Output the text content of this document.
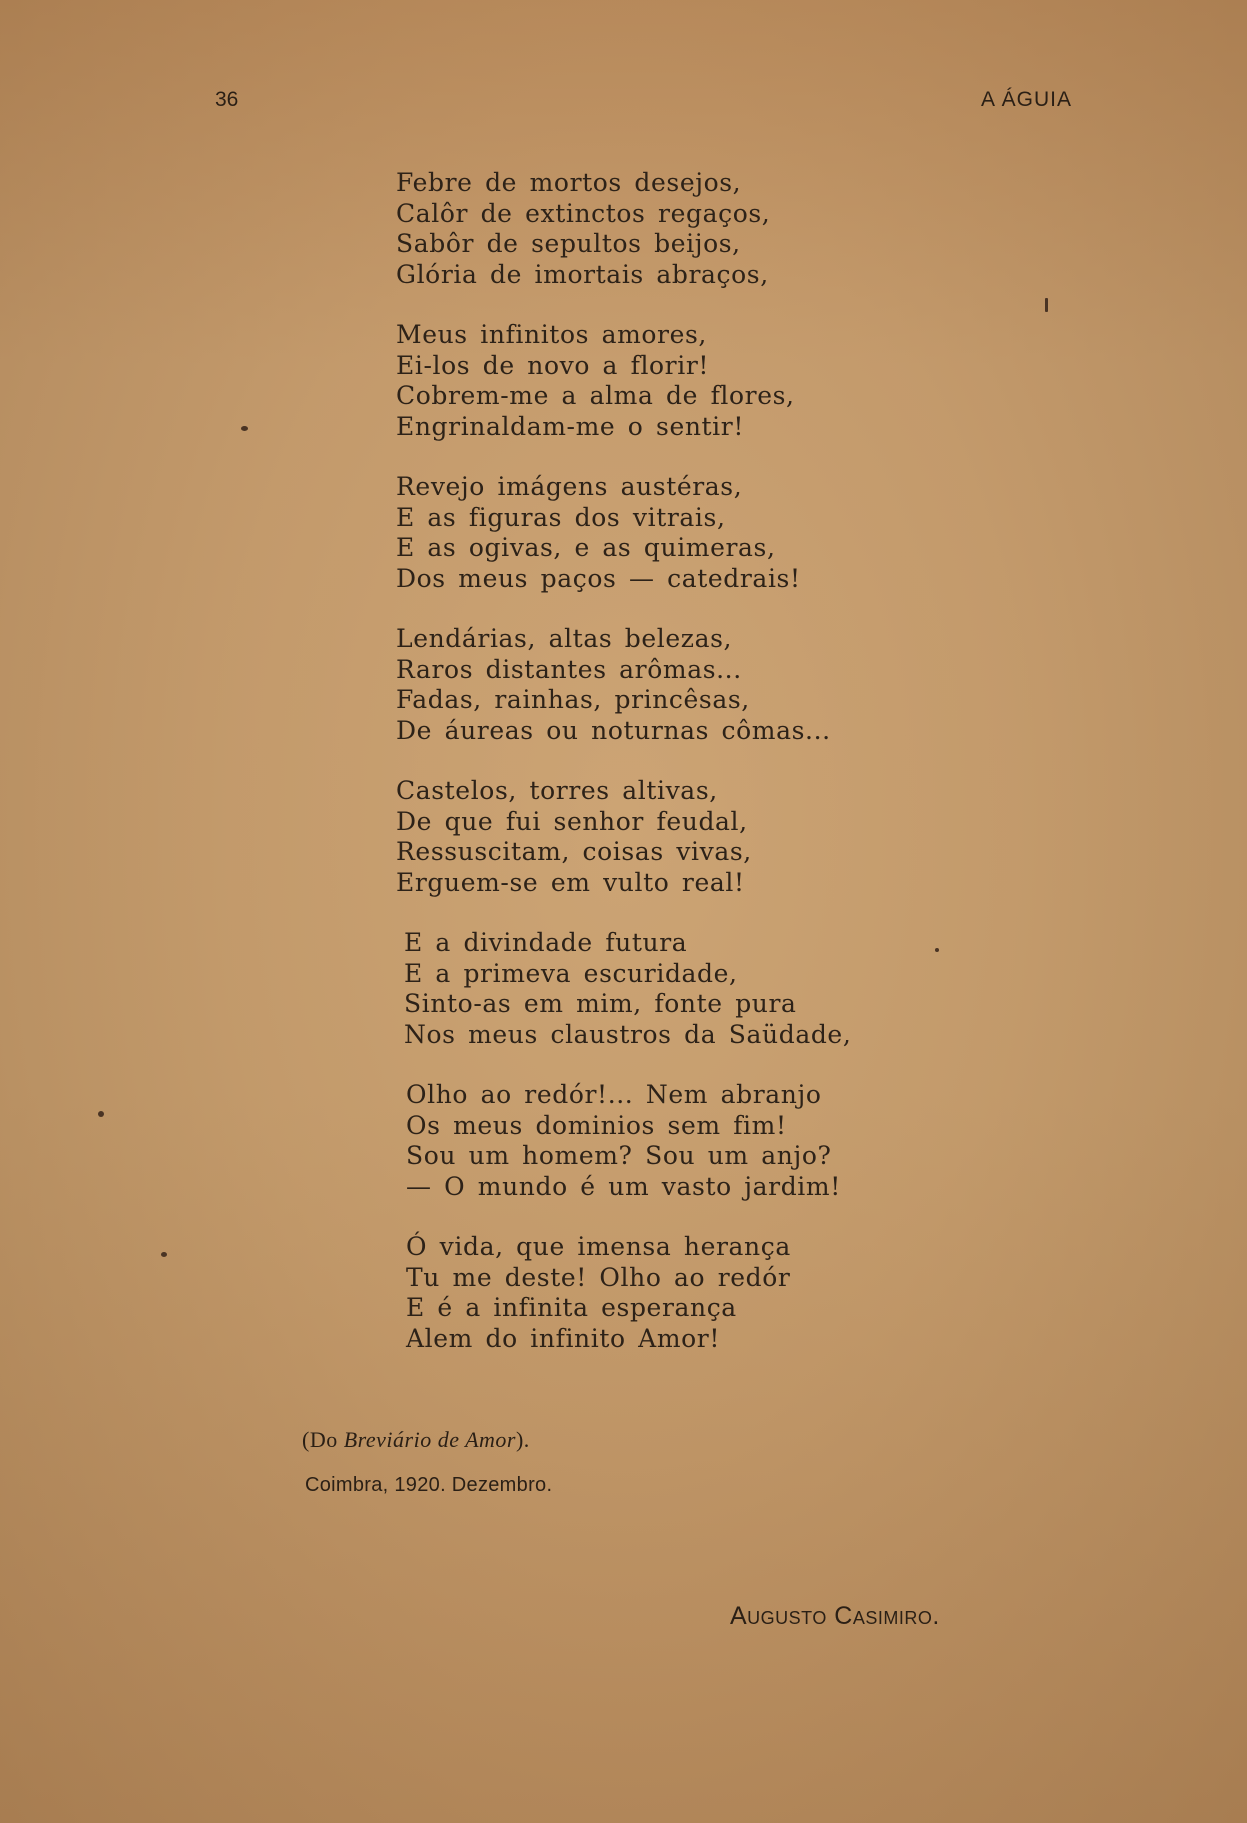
36	A ÁGUIA
Febre de mortos desejos,
Calôr de extinctos regaços,
Sabôr de sepultos beijos,
Glória de imortais abraços,
Meus infinitos amores,
Ei-los de novo a florir!
Cobrem-me a alma de flores,
Engrinaldam-me o sentir!
Revejo imágens austéras,
E as figuras dos vitrais,
E as ogivas, e as quimeras,
Dos meus paços — catedrais!
Lendárias, altas belezas,
Raros distantes arômas...
Fadas, rainhas, princêsas,
De áureas ou noturnas cômas...
Castelos, torres altivas,
De que fui senhor feudal,
Ressuscitam, coisas vivas,
Erguem-se em vulto real!
E a divindade futura
E a primeva escuridade,
Sinto-as em mim, fonte pura
Nos meus claustros da Saüdade,
Olho ao redór!... Nem abranjo
Os meus dominios sem fim!
Sou um homem? Sou um anjo?
— O mundo é um vasto jardim!
Ó vida, que imensa herança
Tu me deste! Olho ao redór
E é a infinita esperança
Alem do infinito Amor!
(Do Breviário de Amor).
Coimbra, 1920. Dezembro.
Augusto Casimiro.
